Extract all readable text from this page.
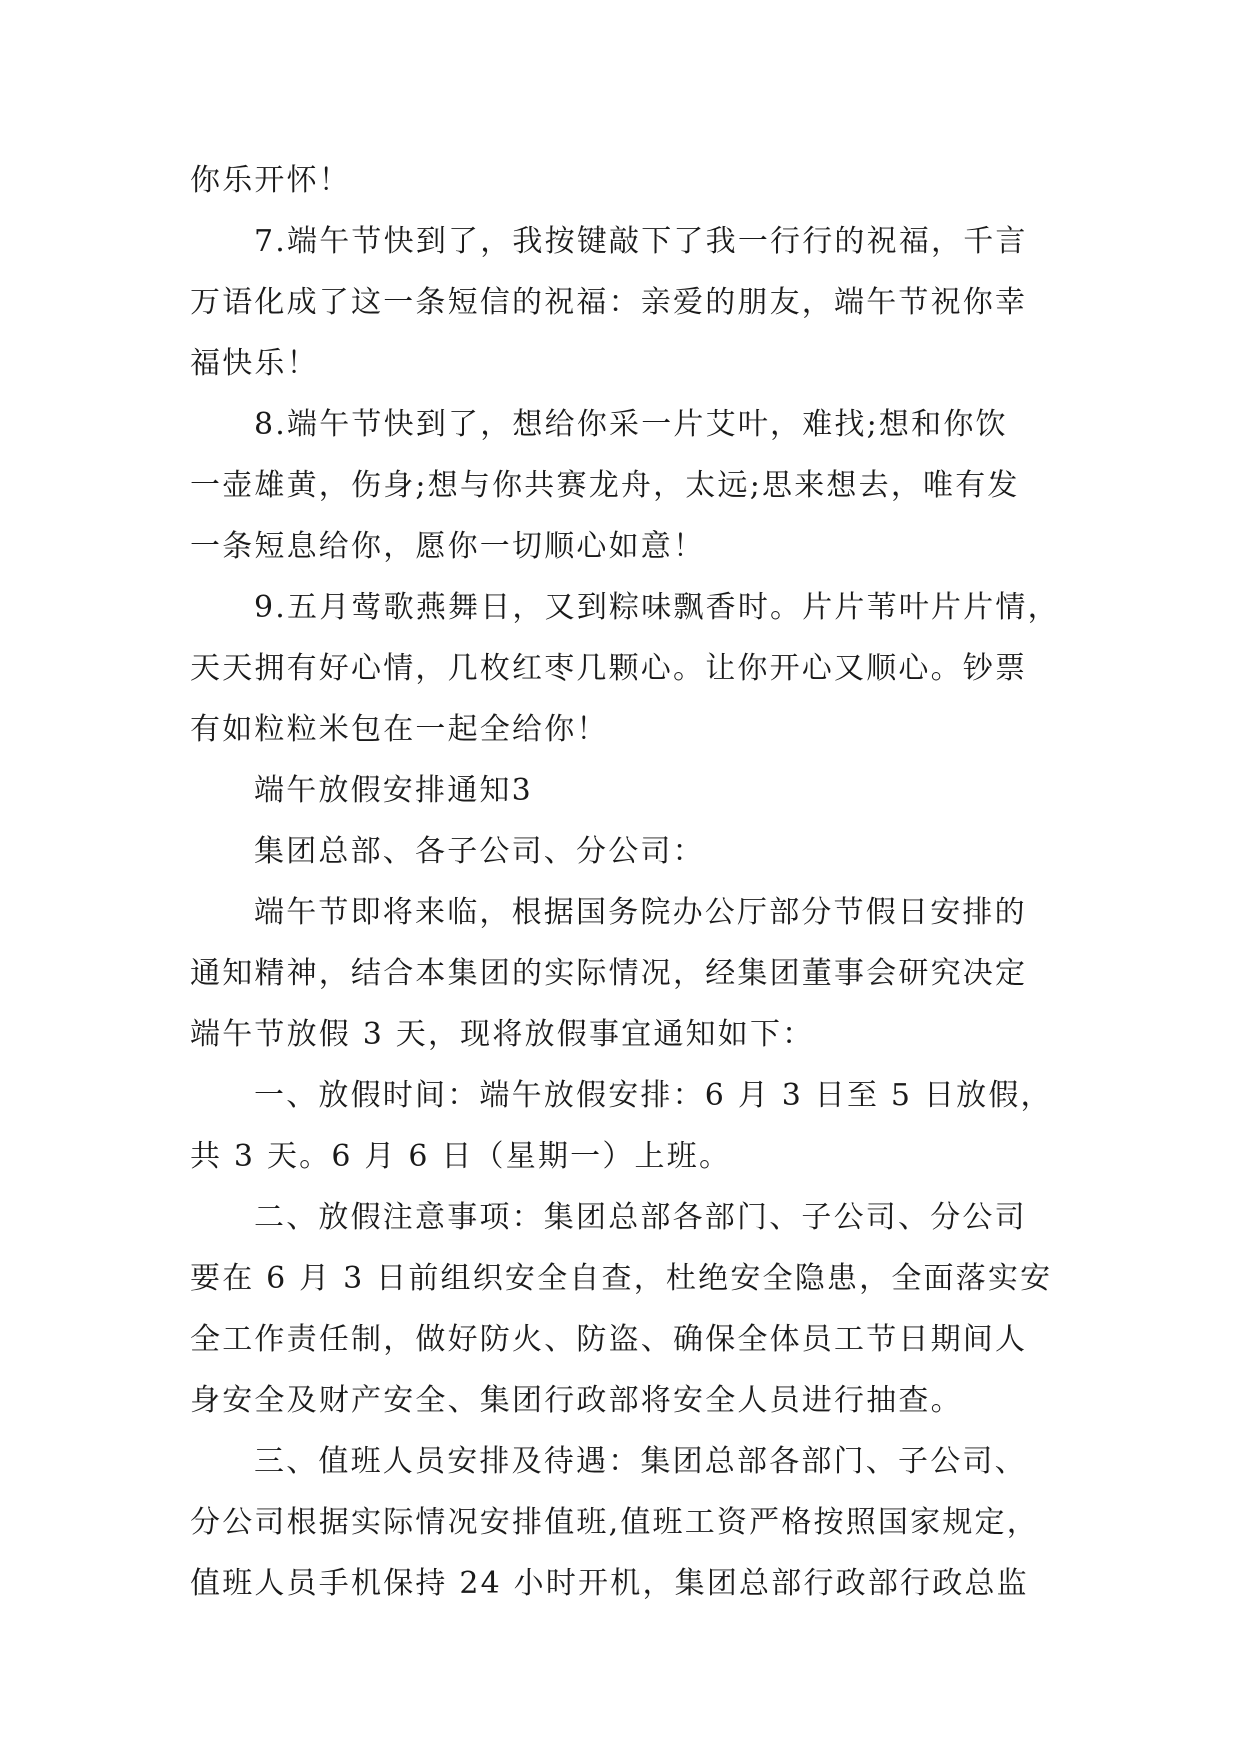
你乐开怀！
7.端午节快到了，我按键敲下了我一行行的祝福，千言
万语化成了这一条短信的祝福：亲爱的朋友，端午节祝你幸
福快乐！
8.端午节快到了，想给你采一片艾叶，难找;想和你饮
一壶雄黄，伤身;想与你共赛龙舟，太远;思来想去，唯有发
一条短息给你，愿你一切顺心如意！
9.五月莺歌燕舞日，又到粽味飘香时。片片苇叶片片情，
天天拥有好心情，几枚红枣几颗心。让你开心又顺心。钞票
有如粒粒米包在一起全给你！
端午放假安排通知3
集团总部、各子公司、分公司：
端午节即将来临，根据国务院办公厅部分节假日安排的
通知精神，结合本集团的实际情况，经集团董事会研究决定
端午节放假 3 天，现将放假事宜通知如下：
一、放假时间：端午放假安排：6 月 3 日至 5 日放假，
共 3 天。6 月 6 日（星期一）上班。
二、放假注意事项：集团总部各部门、子公司、分公司
要在 6 月 3 日前组织安全自查，杜绝安全隐患，全面落实安
全工作责任制，做好防火、防盗、确保全体员工节日期间人
身安全及财产安全、集团行政部将安全人员进行抽查。
三、值班人员安排及待遇：集团总部各部门、子公司、
分公司根据实际情况安排值班,值班工资严格按照国家规定，
值班人员手机保持 24 小时开机，集团总部行政部行政总监
